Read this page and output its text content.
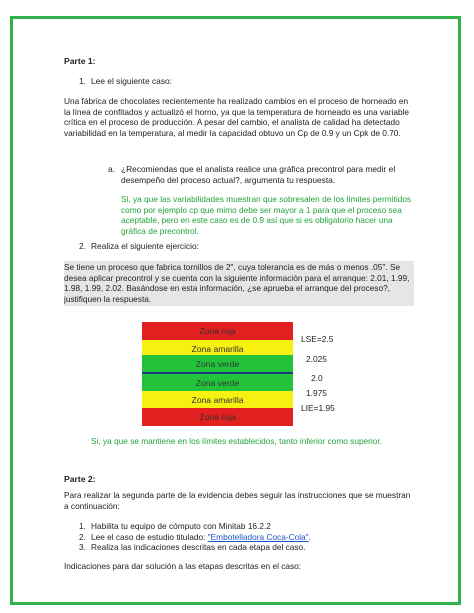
Parte 1:
1. Lee el siguiente caso:
Una fábrica de chocolates recientemente ha realizado cambios en el proceso de horneado en
la línea de confitados y actualizó el horno, ya que la temperatura de horneado es una variable
crítica en el proceso de producción. A pesar del cambio, el analista de calidad ha detectado
variabilidad en la temperatura, al medir la capacidad obtuvo un Cp de 0.9 y un Cpk de 0.70.
a. ¿Recomiendas que el analista realice una gráfica precontrol para medir el
desempeño del proceso actual?, argumenta tu respuesta.
Si, ya que las variabilidades muestran que sobresalen de los límites permitidos
como por ejemplo cp que mimo debe ser mayor a 1 para que el proceso sea
aceptable, pero en este caso es de 0.9 así que si es obligatorio hacer una
gráfica de precontrol.
2. Realiza el siguiente ejercicio:
Se tiene un proceso que fabrica tornillos de 2", cuya tolerancia es de más o menos .05". Se
desea aplicar precontrol y se cuenta con la siguiente información para el arranque: 2.01, 1.99,
1.98, 1.99, 2.02. Basándose en esta información, ¿se aprueba el arranque del proceso?,
justifiquen la respuesta.
Zona roja
Zona amarilla
Zona verde
Zona verde
Zona amarilla
Zona roja
LSE=2.5
2.025
2.0
1.975
LIE=1.95
Si, ya que se mantiene en los límites establecidos, tanto inferior como superior.
Parte 2:
Para realizar la segunda parte de la evidencia debes seguir las instrucciones que se muestran
a continuación:
1. Habilita tu equipo de cómputo con Minitab 16.2.2
2. Lee el caso de estudio titulado: "Embotelladora Coca-Cola".
3. Realiza las indicaciones descritas en cada etapa del caso.
Indicaciones para dar solución a las etapas descritas en el caso:
